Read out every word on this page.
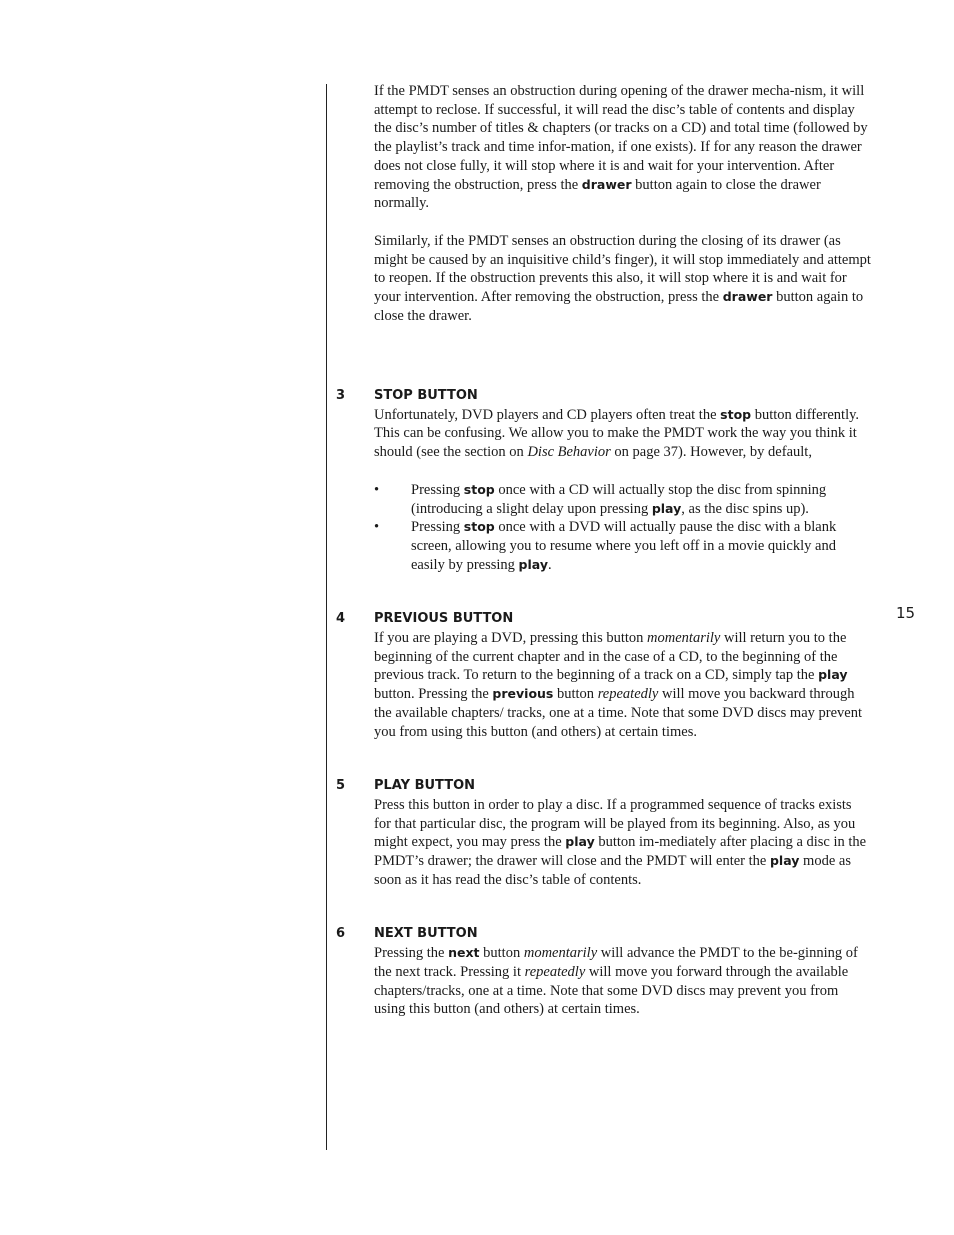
15

If the PMDT senses an obstruction during opening of the drawer mecha-nism, it will attempt to reclose. If successful, it will read the disc’s table of contents and display the disc’s number of titles & chapters (or tracks on a CD) and total time (followed by the playlist’s track and time infor-mation, if one exists). If for any reason the drawer does not close fully, it will stop where it is and wait for your intervention. After removing the obstruction, press the drawer button again to close the drawer normally.

Similarly, if the PMDT senses an obstruction during the closing of its drawer (as might be caused by an inquisitive child’s finger), it will stop immediately and attempt to reopen. If the obstruction prevents this also, it will stop where it is and wait for your intervention. After removing the obstruction, press the drawer button again to close the drawer.

3 STOP BUTTON

Unfortunately, DVD players and CD players often treat the stop button differently. This can be confusing. We allow you to make the PMDT work the way you think it should (see the section on Disc Behavior on page 37). However, by default,

• Pressing stop once with a CD will actually stop the disc from spinning (introducing a slight delay upon pressing play, as the disc spins up).
• Pressing stop once with a DVD will actually pause the disc with a blank screen, allowing you to resume where you left off in a movie quickly and easily by pressing play.
4 PREVIOUS BUTTON

If you are playing a DVD, pressing this button momentarily will return you to the beginning of the current chapter and in the case of a CD, to the beginning of the previous track. To return to the beginning of a track on a CD, simply tap the play button. Pressing the previous button repeatedly will move you backward through the available chapters/ tracks, one at a time. Note that some DVD discs may prevent you from using this button (and others) at certain times.

5 PLAY BUTTON

Press this button in order to play a disc. If a programmed sequence of tracks exists for that particular disc, the program will be played from its beginning. Also, as you might expect, you may press the play button im-mediately after placing a disc in the PMDT’s drawer; the drawer will close and the PMDT will enter the play mode as soon as it has read the disc’s table of contents.

6 NEXT BUTTON

Pressing the next button momentarily will advance the PMDT to the be-ginning of the next track. Pressing it repeatedly will move you forward through the available chapters/tracks, one at a time. Note that some DVD discs may prevent you from using this button (and others) at certain times.
